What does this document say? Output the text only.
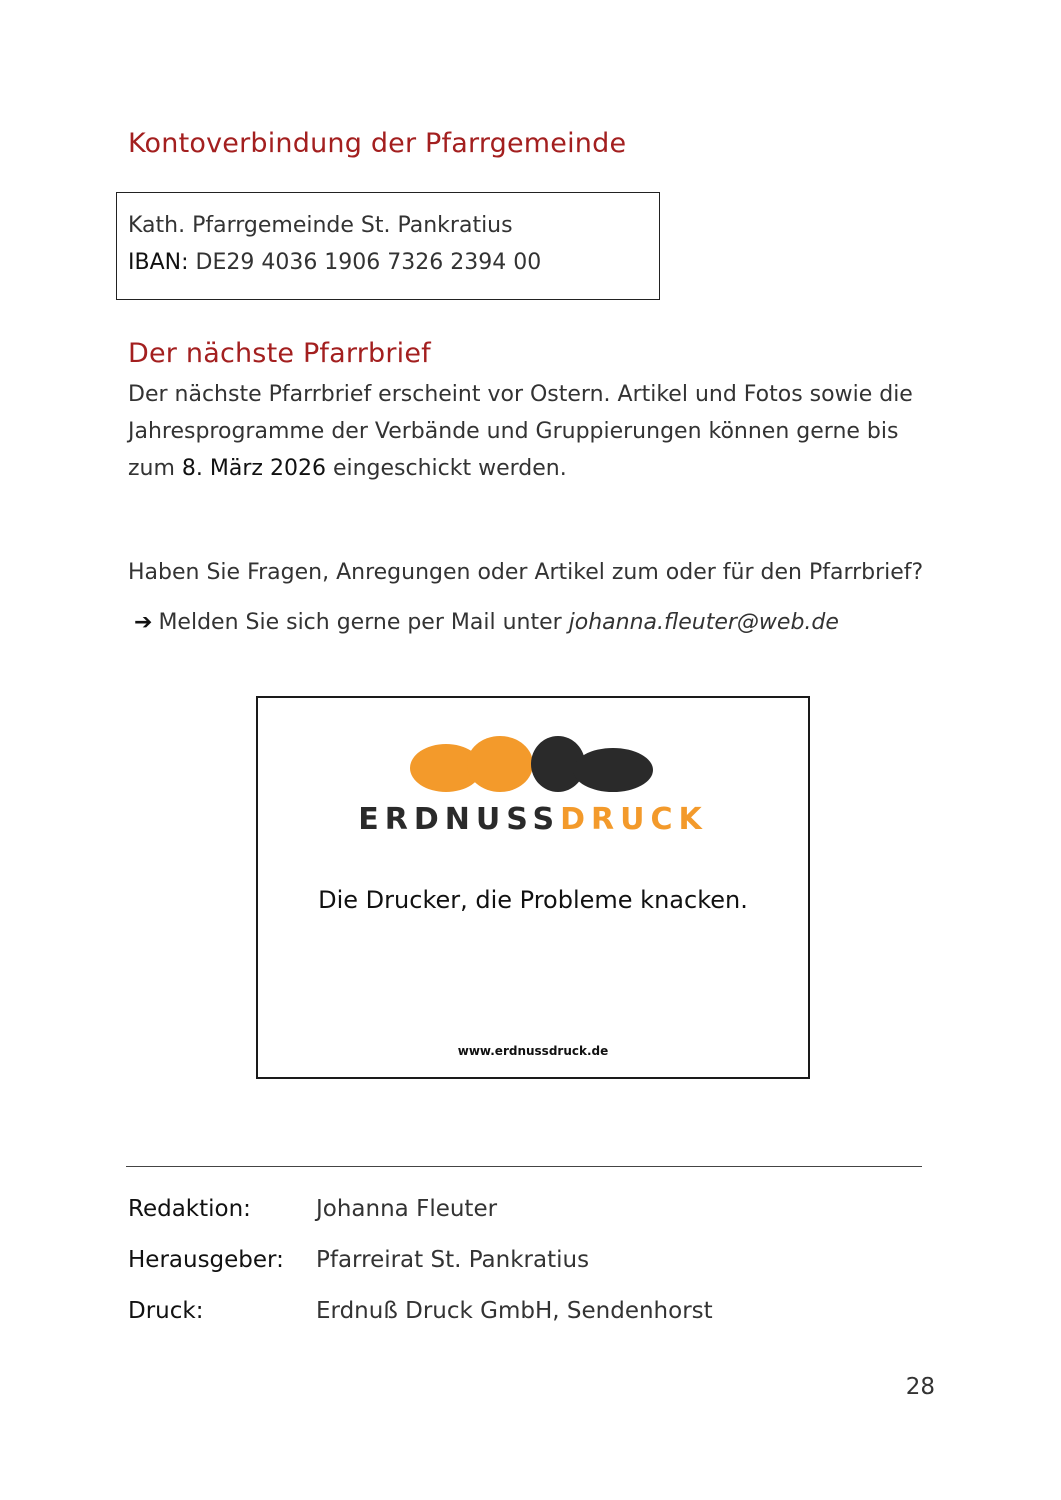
Kontoverbindung der Pfarrgemeinde
Kath. Pfarrgemeinde St. Pankratius
IBAN: DE29 4036 1906 7326 2394 00
Der nächste Pfarrbrief

Der nächste Pfarrbrief erscheint vor Ostern. Artikel und Fotos sowie die Jahresprogramme der Verbände und Gruppierungen können gerne bis zum 8. März 2026 eingeschickt werden.

Haben Sie Fragen, Anregungen oder Artikel zum oder für den Pfarrbrief?

➔ Melden Sie sich gerne per Mail unter johanna.fleuter@web.de

ERDNUSSDRUCK
Die Drucker, die Probleme knacken.
www.erdnussdruck.de
Redaktion:	Johanna Fleuter
Herausgeber: Pfarreirat St. Pankratius
Druck:	Erdnuß Druck GmbH, Sendenhorst
28
